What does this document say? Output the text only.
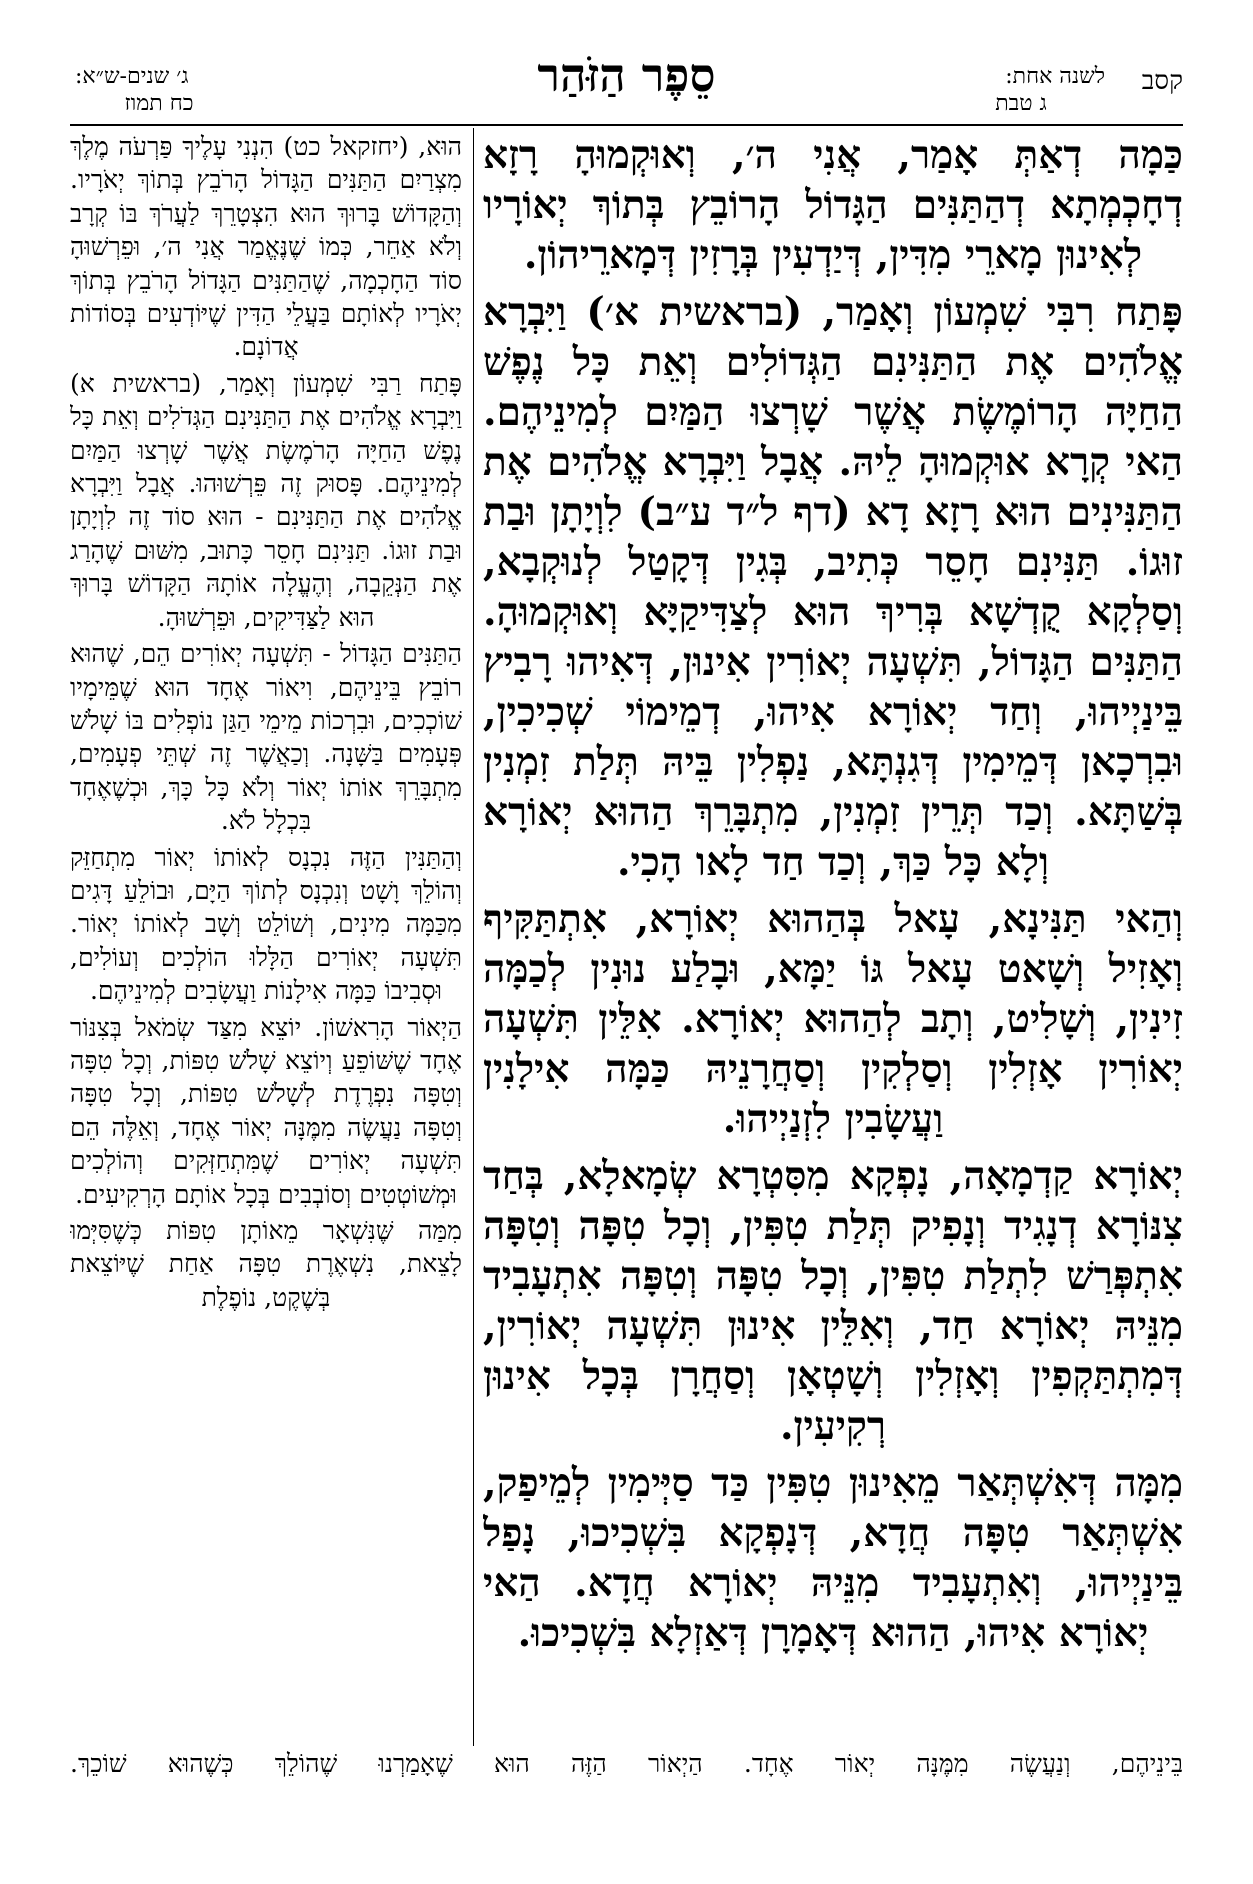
קסב
לשנה אחת:
ג טבת
סֵפֶר הַזֹּהַר
ג׳ שנים-ש״א:
כח תמוז

כַּמָה דְאַתְּ אָמַר, אֲנִי ה׳, וְאוּקְמוּהָ רָזָא דְחָכְמְתָא דְהַתַּנִּים הַגָּדוֹל הָרוֹבֵץ בְּתוֹךְ יְאוֹרָיו לְאִינוּן מָארֵי מִדִּין, דְּיַדְעִין בְּרָזִין דְּמָארֵיהוֹן.

פָּתַח רִבִּי שִׁמְעוֹן וְאָמַר, (בראשית א׳) וַיִּבְרָא אֱלֹהִים אֶת הַתַּנִּינִם הַגְּדוֹלִים וְאֵת כָּל נֶפֶשׁ הַחַיָּה הָרוֹמֶשֶׂת אֲשֶׁר שָׁרְצוּ הַמַּיִם לְמִינֵיהֶם. הַאי קְרָא אוּקְמוּהָ לֵיהּ. אֲבָל וַיִּבְרָא אֱלֹהִים אֶת הַתַּנִּינִים הוּא רָזָא דָא (דף ל״ד ע״ב) לִוְיָתָן וּבַת זוּגוֹ. תַּנִּינִם חָסֵר כְּתִיב, בְּגִין דְּקָטַל לְנוּקְבָא, וְסַלְקָא קֻדְשָׁא בְּרִיךְ הוּא לְצַדִּיקַיָּא וְאוּקְמוּהָ. הַתַּנִּים הַגָּדוֹל, תִּשְׁעָה יְאוֹרִין אִינוּן, דְּאִיהוּ רָבִיץ בֵּינַיְיהוּ, וְחַד יְאוֹרָא אִיהוּ, דְמֵימוֹי שְׁכִיכִין, וּבִרְכָאן דְּמֵימִין דְּגִנְתָּא, נַפְלִין בֵּיהּ תְּלַת זִמְנִין בְּשַׁתָּא. וְכַד תְּרֵין זִמְנִין, מִתְבָּרֵךְ הַהוּא יְאוֹרָא וְלָא כָּל כַּךְ, וְכַד חַד לָאו הָכִי.

וְהַאי תַּנִּינָא, עָאל בְּהַהוּא יְאוֹרָא, אִתְתַּקִּיף וְאָזִיל וְשָׁאט עָאל גּוֹ יַמָּא, וּבָלַע נוּנִין לְכַמָּה זִינִין, וְשָׁלִיט, וְתָב לְהַהוּא יְאוֹרָא. אִלֵּין תִּשְׁעָה יְאוֹרִין אָזְלִין וְסַלְקִין וְסַחֲרָנֵיהּ כַּמָּה אִילָנִין וַעֲשָׂבִין לִזְנַיְיהוּ.

יְאוֹרָא קַדְמָאָה, נָפְקָא מִסִּטְרָא שְׂמָאלָא, בְּחַד צִנּוֹרָא דְנָגִיד וְנָפִיק תְּלַת טִפִּין, וְכָל טִפָּה וְטִפָּה אִתְפְּרַשׁ לִתְלַת טִפִּין, וְכָל טִפָּה וְטִפָּה אִתְעָבִיד מִנֵּיהּ יְאוֹרָא חַד, וְאִלֵּין אִינוּן תִּשְׁעָה יְאוֹרִין, דְּמִתְתַּקְפִין וְאָזְלִין וְשָׁטְאָן וְסַחֲרָן בְּכָל אִינוּן רְקִיעִין.

מִמָּה דְּאִשְׁתְּאַר מֵאִינוּן טִפִּין כַּד סַיְּימִין לְמֵיפַק, אִשְׁתְּאַר טִפָּה חֲדָא, דְּנָפְקָא בִּשְׁכִיכוּ, נָפַל בֵּינַיְיהוּ, וְאִתְעָבִיד מִנֵּיהּ יְאוֹרָא חֲדָא. הַאי יְאוֹרָא אִיהוּ, הַהוּא דְּאָמָרָן דְּאַזְלָא בִּשְׁכִיכוּ.

הוּא, (יחזקאל כט) הִנְנִי עָלֶיךָ פַּרְעֹה מֶלֶךְ מִצְרַיִם הַתַּנִּים הַגָּדוֹל הָרֹבֵץ בְּתוֹךְ יְאֹרָיו. וְהַקָּדוֹשׁ בָּרוּךְ הוּא הִצְטָרֵךְ לַעֲרֹךְ בּוֹ קְרָב וְלֹא אַחֵר, כְּמוֹ שֶׁנֶּאֱמַר אֲנִי ה׳, וּפֵרְשׁוּהָ סוֹד הַחָכְמָה, שֶׁהַתַּנִּים הַגָּדוֹל הָרֹבֵץ בְּתוֹךְ יְאֹרָיו לְאוֹתָם בַּעֲלֵי הַדִּין שֶׁיּוֹדְעִים בְּסוֹדוֹת אֲדוֹנָם.

פָּתַח רַבִּי שִׁמְעוֹן וְאָמַר, (בראשית א) וַיִּבְרָא אֱלֹהִים אֶת הַתַּנִּינִם הַגְּדֹלִים וְאֵת כָּל נֶפֶשׁ הַחַיָּה הָרֹמֶשֶׂת אֲשֶׁר שָׁרְצוּ הַמַּיִם לְמִינֵיהֶם. פָּסוּק זֶה פֵּרְשׁוּהוּ. אֲבָל וַיִּבְרָא אֱלֹהִים אֶת הַתַּנִּינִם - הוּא סוֹד זֶה לִוְיָתָן וּבַת זוּגוֹ. תַּנִּינִם חָסֵר כָּתוּב, מִשּׁוּם שֶׁהָרַג אֶת הַנְּקֵבָה, וְהֶעֱלָה אוֹתָהּ הַקָּדוֹשׁ בָּרוּךְ הוּא לַצַּדִּיקִים, וּפֵרְשׁוּהָ.

הַתַּנִּים הַגָּדוֹל - תִּשְׁעָה יְאוֹרִים הֵם, שֶׁהוּא רוֹבֵץ בֵּינֵיהֶם, וִיאוֹר אֶחָד הוּא שֶׁמֵּימָיו שׁוֹכְכִים, וּבִרְכוֹת מֵימֵי הַגַּן נוֹפְלִים בּוֹ שָׁלֹשׁ פְּעָמִים בַּשָּׁנָה. וְכַאֲשֶׁר זֶה שְׁתֵּי פְעָמִים, מִתְבָּרֵךְ אוֹתוֹ יְאוֹר וְלֹא כָּל כָּךְ, וּכְשֶׁאֶחָד בִּכְלָל לֹא.

וְהַתַּנִּין הַזֶּה נִכְנָס לְאוֹתוֹ יְאוֹר מִתְחַזֵּק וְהוֹלֵךְ וָשָׁט וְנִכְנָס לְתוֹךְ הַיָּם, וּבוֹלֵעַ דָּגִים מִכַּמָּה מִינִים, וְשׁוֹלֵט וְשָׁב לְאוֹתוֹ יְאוֹר. תִּשְׁעָה יְאוֹרִים הַלָּלוּ הוֹלְכִים וְעוֹלִים, וּסְבִיבוֹ כַּמָּה אִילָנוֹת וַעֲשָׂבִים לְמִינֵיהֶם.

הַיְאוֹר הָרִאשׁוֹן. יוֹצֵא מִצַּד שְׂמֹאל בְּצִנּוֹר אֶחָד שֶׁשּׁוֹפֵעַ וְיוֹצֵא שָׁלֹשׁ טִפּוֹת, וְכָל טִפָּה וְטִפָּה נִפְרֶדֶת לְשָׁלֹשׁ טִפּוֹת, וְכָל טִפָּה וְטִפָּה נַעֲשֶׂה מִמֶּנָּה יְאוֹר אֶחָד, וְאֵלֶּה הֵם תִּשְׁעָה יְאוֹרִים שֶׁמִּתְחַזְּקִים וְהוֹלְכִים וּמְשׁוֹטְטִים וְסוֹבְבִים בְּכָל אוֹתָם הָרְקִיעִים.

מִמַּה שֶּׁנִּשְׁאָר מֵאוֹתָן טִפּוֹת כְּשֶׁסִּיְּמוּ לָצֵאת, נִשְׁאֶרֶת טִפָּה אַחַת שֶׁיּוֹצֵאת בְּשֶׁקֶט, נוֹפֶלֶת

בֵּינֵיהֶם, וְנַעֲשֶׂה מִמֶּנָּה יְאוֹר אֶחָד. הַיְאוֹר הַזֶּה הוּא שֶׁאָמַרְנוּ שֶׁהוֹלֵךְ כְּשֶׁהוּא שׁוֹכֵךְ.
